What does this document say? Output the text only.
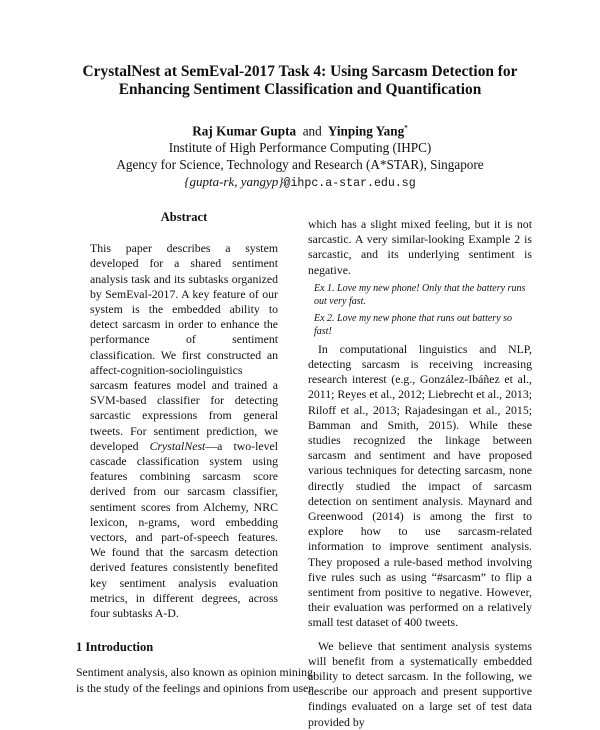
CrystalNest at SemEval-2017 Task 4: Using Sarcasm Detection for
Enhancing Sentiment Classification and Quantification
Raj Kumar Gupta and Yinping Yang*
Institute of High Performance Computing (IHPC)
Agency for Science, Technology and Research (A*STAR), Singapore
{gupta-rk, yangyp}@ihpc.a-star.edu.sg
Abstract

This paper describes a system developed for a shared sentiment analysis task and its subtasks organized by SemEval-2017. A key feature of our system is the embedded ability to detect sarcasm in order to enhance the performance of sentiment classification. We first constructed an affect-cognition-sociolinguistics sarcasm features model and trained a SVM-based classifier for detecting sarcastic expressions from general tweets. For sentiment prediction, we developed CrystalNest—a two-level cascade classification system using features combining sarcasm score derived from our sarcasm classifier, sentiment scores from Alchemy, NRC lexicon, n-grams, word embedding vectors, and part-of-speech features. We found that the sarcasm detection derived features consistently benefited key sentiment analysis evaluation metrics, in different degrees, across four subtasks A-D.

1 Introduction

Sentiment analysis, also known as opinion mining,
is the study of the feelings and opinions from user

which has a slight mixed feeling, but it is not sarcastic. A very similar-looking Example 2 is sarcastic, and its underlying sentiment is negative.

Ex 1. Love my new phone! Only that the battery runs out very fast.

Ex 2. Love my new phone that runs out battery so fast!

In computational linguistics and NLP, detecting sarcasm is receiving increasing research interest (e.g., González-Ibáñez et al., 2011; Reyes et al., 2012; Liebrecht et al., 2013; Riloff et al., 2013; Rajadesingan et al., 2015; Bamman and Smith, 2015). While these studies recognized the linkage between sarcasm and sentiment and have proposed various techniques for detecting sarcasm, none directly studied the impact of sarcasm detection on sentiment analysis. Maynard and Greenwood (2014) is among the first to explore how to use sarcasm-related information to improve sentiment analysis. They proposed a rule-based method involving five rules such as using “#sarcasm” to flip a sentiment from positive to negative. However, their evaluation was performed on a relatively small test dataset of 400 tweets.

We believe that sentiment analysis systems will benefit from a systematically embedded ability to detect sarcasm. In the following, we describe our approach and present supportive findings evaluated on a large set of test data provided by
